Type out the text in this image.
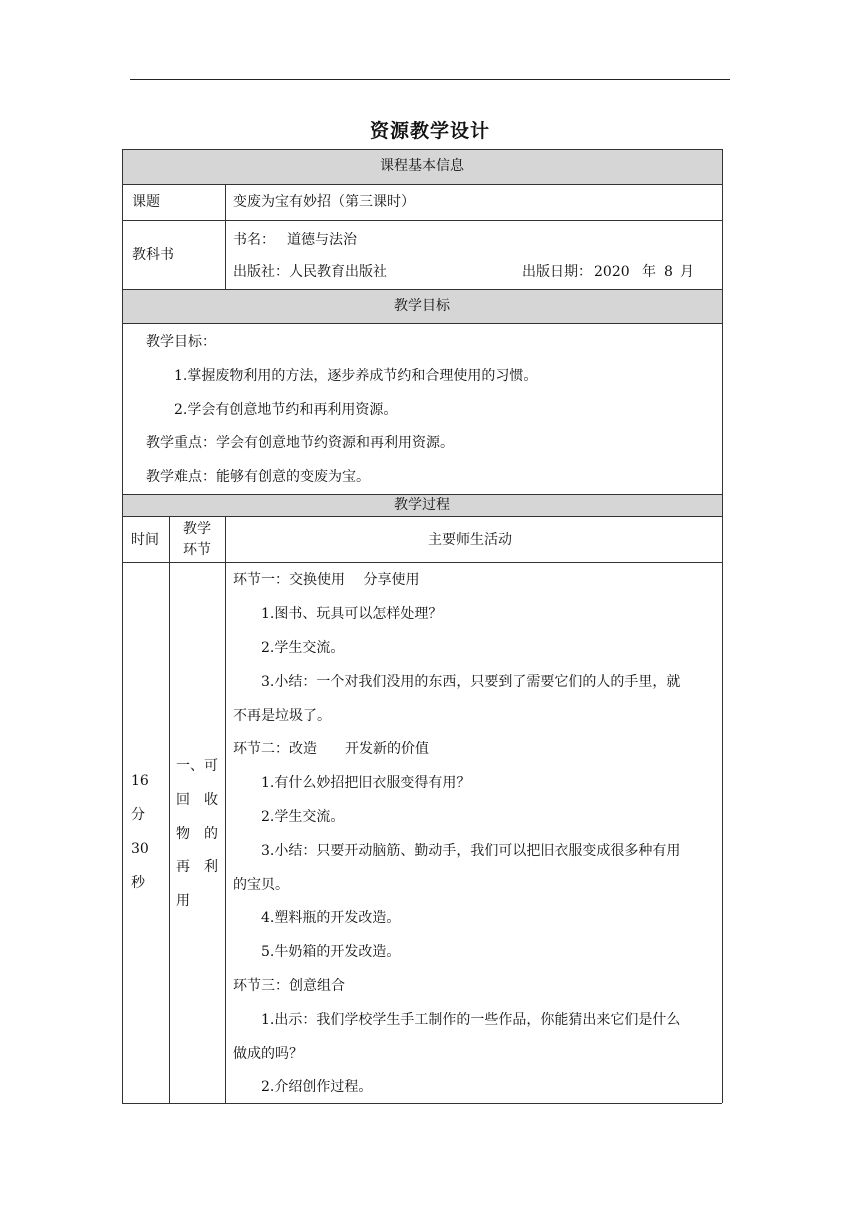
资源教学设计
课程基本信息
教学目标
教学过程
课题	变废为宝有妙招（第三课时）
教科书
书名： 道德与法治
出版社： 人民教育出版社	出版日期： 2020 年 8 月
教学目标：
1.掌握废物利用的方法，逐步养成节约和合理使用的习惯。
2.学会有创意地节约和再利用资源。
教学重点：学会有创意地节约资源和再利用资源。
教学难点：能够有创意的变废为宝。
时间
教学
环节
主要师生活动
16
分
30
秒
一、可
回　收
物　的
再　利
用
环节一：交换使用　 分享使用
1.图书、玩具可以怎样处理？
2.学生交流。
3.小结：一个对我们没用的东西，只要到了需要它们的人的手里，就
不再是垃圾了。
环节二：改造　　开发新的价值
1.有什么妙招把旧衣服变得有用？
2.学生交流。
3.小结：只要开动脑筋、勤动手，我们可以把旧衣服变成很多种有用
的宝贝。
4.塑料瓶的开发改造。
5.牛奶箱的开发改造。
环节三：创意组合
1.出示：我们学校学生手工制作的一些作品，你能猜出来它们是什么
做成的吗？
2.介绍创作过程。
